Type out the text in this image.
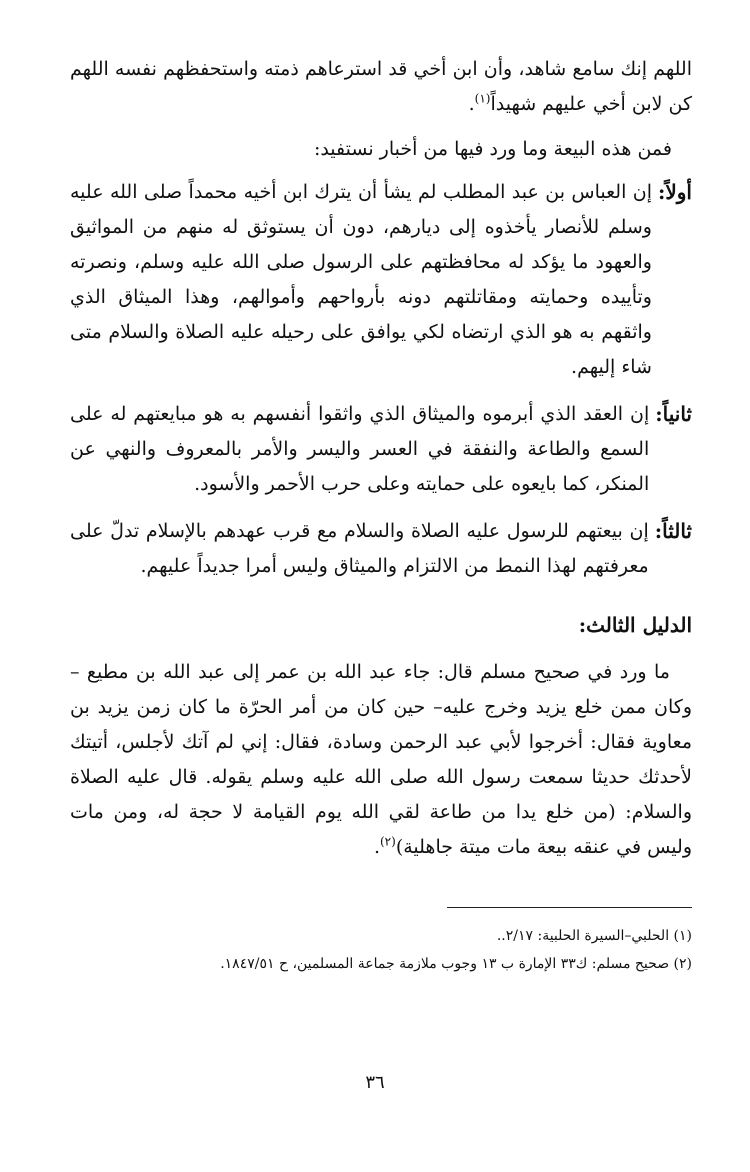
اللهم إنك سامع شاهد، وأن ابن أخي قد استرعاهم ذمته واستحفظهم نفسه اللهم كن لابن أخي عليهم شهيداً$^{(١)}$.

فمن هذه البيعة وما ورد فيها من أخبار نستفيد:

أولاً:

إن العباس بن عبد المطلب لم يشأ أن يترك ابن أخيه محمداً صلى الله عليه وسلم للأنصار يأخذوه إلى ديارهم، دون أن يستوثق له منهم من المواثيق والعهود ما يؤكد له محافظتهم على الرسول صلى الله عليه وسلم، ونصرته وتأييده وحمايته ومقاتلتهم دونه بأرواحهم وأموالهم، وهذا الميثاق الذي واثقهم به هو الذي ارتضاه لكي يوافق على رحيله عليه الصلاة والسلام متى شاء إليهم.

ثانياً:

إن العقد الذي أبرموه والميثاق الذي واثقوا أنفسهم به هو مبايعتهم له على السمع والطاعة والنفقة في العسر واليسر والأمر بالمعروف والنهي عن المنكر، كما بايعوه على حمايته وعلى حرب الأحمر والأسود.

ثالثاً:

إن بيعتهم للرسول عليه الصلاة والسلام مع قرب عهدهم بالإسلام تدلّ على معرفتهم لهذا النمط من الالتزام والميثاق وليس أمرا جديداً عليهم.

الدليل الثالث:

ما ورد في صحيح مسلم قال: جاء عبد الله بن عمر إلى عبد الله بن مطيع –وكان ممن خلع يزيد وخرج عليه– حين كان من أمر الحرّة ما كان زمن يزيد بن معاوية فقال: أخرجوا لأبي عبد الرحمن وسادة، فقال: إني لم آتك لأجلس، أتيتك لأحدثك حديثا سمعت رسول الله صلى الله عليه وسلم يقوله. قال عليه الصلاة والسلام: (من خلع يدا من طاعة لقي الله يوم القيامة لا حجة له، ومن مات وليس في عنقه بيعة مات ميتة جاهلية)$^{(٢)}$.

(١) الحلبي–السيرة الحلبية: ٢/١٧..

(٢) صحيح مسلم: ك٣٣ الإمارة ب ١٣ وجوب ملازمة جماعة المسلمين، ح ١٨٤٧/٥١.

٣٦
